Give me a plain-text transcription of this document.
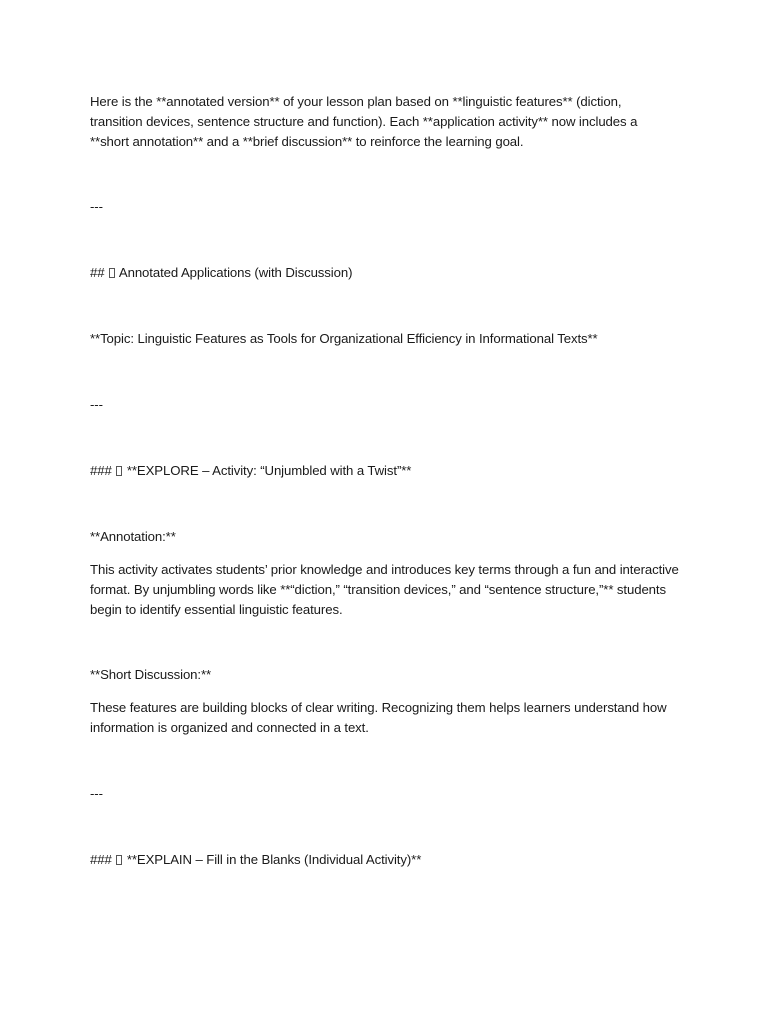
Here is the **annotated version** of your lesson plan based on **linguistic features** (diction,
transition devices, sentence structure and function). Each **application activity** now includes a
**short annotation** and a **brief discussion** to reinforce the learning goal.
---
##  Annotated Applications (with Discussion)
**Topic: Linguistic Features as Tools for Organizational Efficiency in Informational Texts**
---
###  **EXPLORE – Activity: “Unjumbled with a Twist”**
**Annotation:**
This activity activates students’ prior knowledge and introduces key terms through a fun and interactive
format. By unjumbling words like **“diction,” “transition devices,” and “sentence structure,”** students
begin to identify essential linguistic features.
**Short Discussion:**
These features are building blocks of clear writing. Recognizing them helps learners understand how
information is organized and connected in a text.
---
###  **EXPLAIN – Fill in the Blanks (Individual Activity)**
